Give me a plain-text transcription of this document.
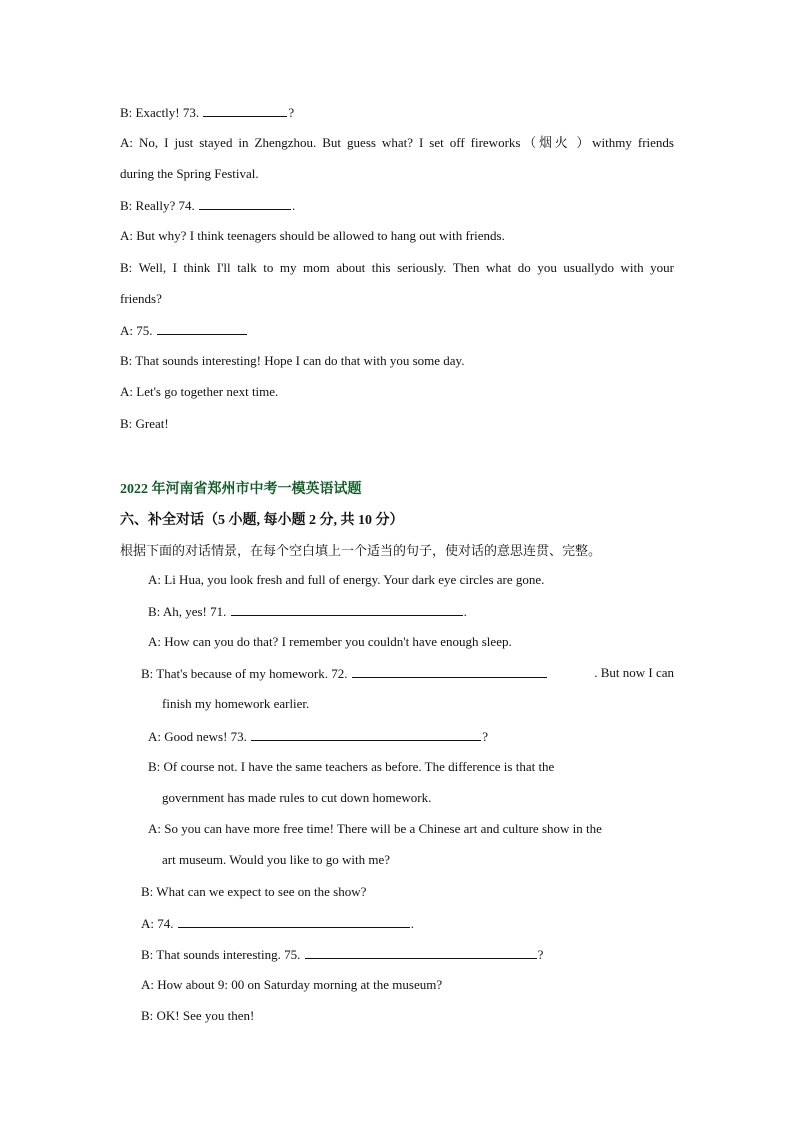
B: Exactly! 73.	?
A: No, I just stayed in Zhengzhou. But guess what? I set off fireworks（烟火 ）withmy friends
during the Spring Festival.
B: Really? 74.	.
A: But why? I think teenagers should be allowed to hang out with friends.
B: Well, I think I'll talk to my mom about this seriously. Then what do you usuallydo with your
friends?
A: 75.
B: That sounds interesting! Hope I can do that with you some day.
A: Let's go together next time.
B: Great!
2022 年河南省郑州市中考一模英语试题
六、补全对话（5 小题, 每小题 2 分, 共 10 分）
根据下面的对话情景，在每个空白填上一个适当的句子，使对话的意思连贯、完整。
A: Li Hua, you look fresh and full of energy. Your dark eye circles are gone.
B: Ah, yes! 71.	.
A: How can you do that? I remember you couldn't have enough sleep.
B: That's because of my homework. 72.	. But now I can
finish my homework earlier.
A: Good news! 73.	?
B: Of course not. I have the same teachers as before. The difference is that the
government has made rules to cut down homework.
A: So you can have more free time! There will be a Chinese art and culture show in the
art museum. Would you like to go with me?
B: What can we expect to see on the show?
A: 74.	.
B: That sounds interesting. 75.	?
A: How about 9: 00 on Saturday morning at the museum?
B: OK! See you then!
